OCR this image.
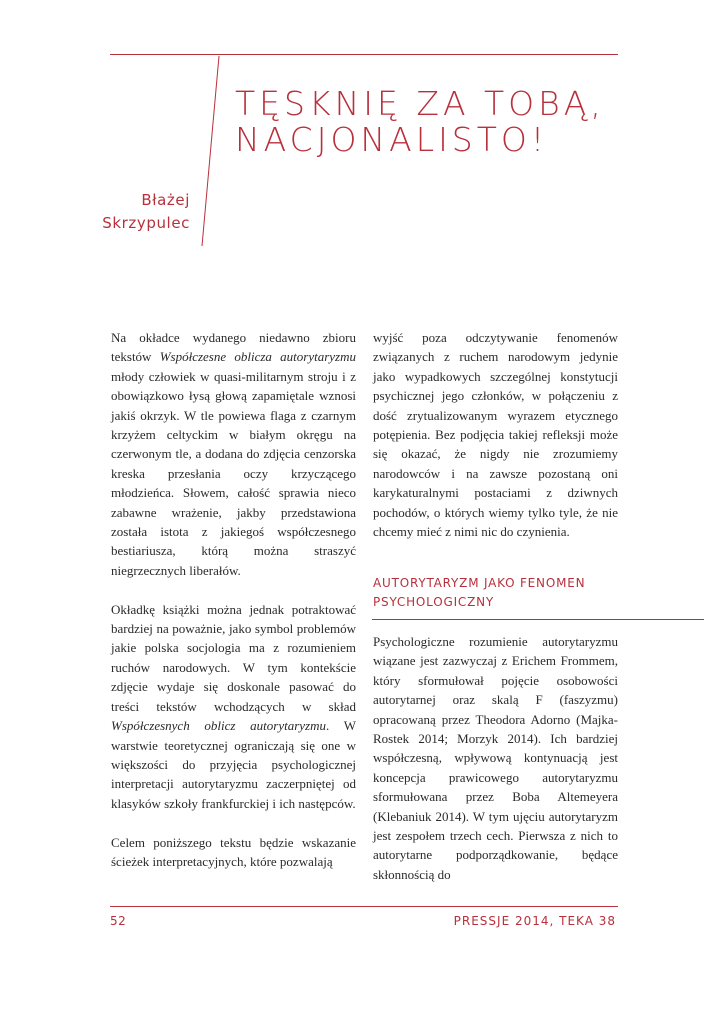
TĘSKNIĘ ZA TOBĄ,
NACJONALISTO!
Błażej
Skrzypulec

Na okładce wydanego niedawno zbioru tekstów Współczesne oblicza autorytaryzmu młody człowiek w quasi-militarnym stroju i z obowiązkowo łysą głową zapamiętale wznosi jakiś okrzyk. W tle powiewa flaga z czarnym krzyżem celtyckim w białym okręgu na czerwonym tle, a dodana do zdjęcia cenzorska kreska przesłania oczy krzyczącego młodzieńca. Słowem, całość sprawia nieco zabawne wrażenie, jakby przedstawiona została istota z jakiegoś współczesnego bestiariusza, którą można straszyć niegrzecznych liberałów.

Okładkę książki można jednak potraktować bardziej na poważnie, jako symbol problemów jakie polska socjologia ma z rozumieniem ruchów narodowych. W tym kontekście zdjęcie wydaje się doskonale pasować do treści tekstów wchodzących w skład Współczesnych oblicz autorytaryzmu. W warstwie teoretycznej ograniczają się one w większości do przyjęcia psychologicznej interpretacji autorytaryzmu zaczerpniętej od klasyków szkoły frankfurckiej i ich następców.

Celem poniższego tekstu będzie wskazanie ścieżek interpretacyjnych, które pozwalają

wyjść poza odczytywanie fenomenów związanych z ruchem narodowym jedynie jako wypadkowych szczególnej konstytucji psychicznej jego członków, w połączeniu z dość zrytualizowanym wyrazem etycznego potępienia. Bez podjęcia takiej refleksji może się okazać, że nigdy nie zrozumiemy narodowców i na zawsze pozostaną oni karykaturalnymi postaciami z dziwnych pochodów, o których wiemy tylko tyle, że nie chcemy mieć z nimi nic do czynienia.

AUTORYTARYZM JAKO FENOMEN
PSYCHOLOGICZNY

Psychologiczne rozumienie autorytaryzmu wiązane jest zazwyczaj z Erichem Frommem, który sformułował pojęcie osobowości autorytarnej oraz skalą F (faszyzmu) opracowaną przez Theodora Adorno (Majka-Rostek 2014; Morzyk 2014). Ich bardziej współczesną, wpływową kontynuacją jest koncepcja prawicowego autorytaryzmu sformułowana przez Boba Altemeyera (Klebaniuk 2014). W tym ujęciu autorytaryzm jest zespołem trzech cech. Pierwsza z nich to autorytarne podporządkowanie, będące skłonnością do

52	PRESSJE 2014, TEKA 38
